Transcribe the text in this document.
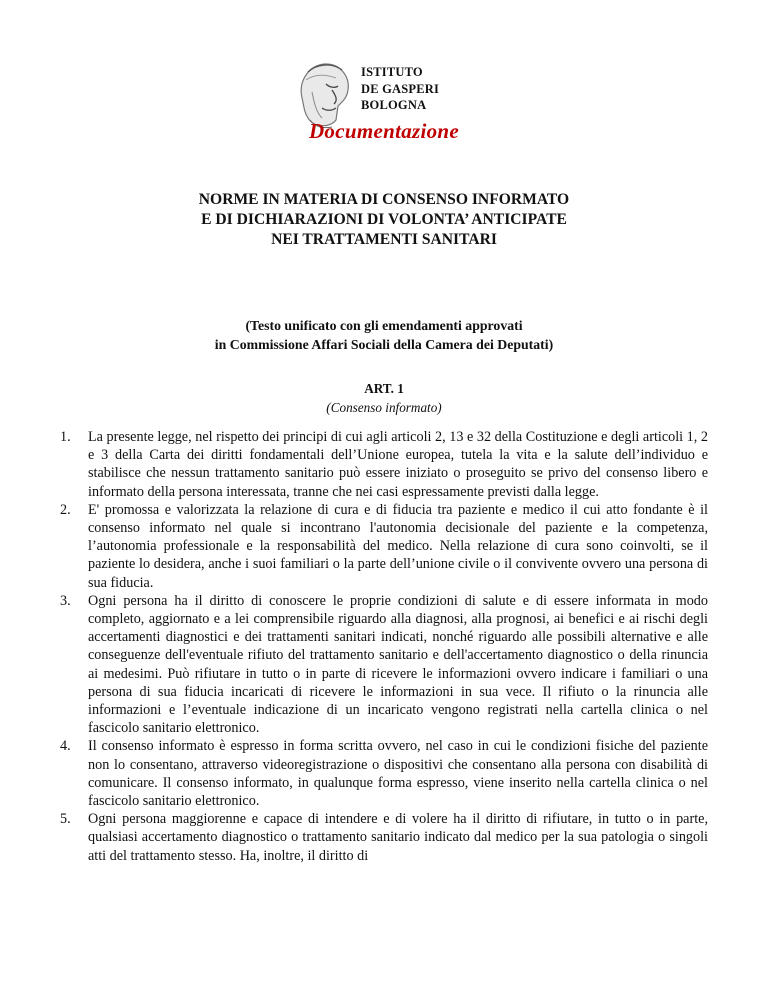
ISTITUTO
DE GASPERI
BOLOGNA
Documentazione
NORME IN MATERIA DI CONSENSO INFORMATO
E DI DICHIARAZIONI DI VOLONTA’ ANTICIPATE
NEI TRATTAMENTI SANITARI
(Testo unificato con gli emendamenti approvati
in Commissione Affari Sociali della Camera dei Deputati)
ART. 1
(Consenso informato)
1. La presente legge, nel rispetto dei principi di cui agli articoli 2, 13 e 32 della Costituzione e degli articoli 1, 2 e 3 della Carta dei diritti fondamentali dell’Unione europea, tutela la vita e la salute dell’individuo e stabilisce che nessun trattamento sanitario può essere iniziato o proseguito se privo del consenso libero e informato della persona interessata, tranne che nei casi espressamente previsti dalla legge.
2. E' promossa e valorizzata la relazione di cura e di fiducia tra paziente e medico il cui atto fondante è il consenso informato nel quale si incontrano l'autonomia decisionale del paziente e la competenza, l’autonomia professionale e la responsabilità del medico. Nella relazione di cura sono coinvolti, se il paziente lo desidera, anche i suoi familiari o la parte dell’unione civile o il convivente ovvero una persona di sua fiducia.
3. Ogni persona ha il diritto di conoscere le proprie condizioni di salute e di essere informata in modo completo, aggiornato e a lei comprensibile riguardo alla diagnosi, alla prognosi, ai benefici e ai rischi degli accertamenti diagnostici e dei trattamenti sanitari indicati, nonché riguardo alle possibili alternative e alle conseguenze dell'eventuale rifiuto del trattamento sanitario e dell'accertamento diagnostico o della rinuncia ai medesimi. Può rifiutare in tutto o in parte di ricevere le informazioni ovvero indicare i familiari o una persona di sua fiducia incaricati di ricevere le informazioni in sua vece. Il rifiuto o la rinuncia alle informazioni e l’eventuale indicazione di un incaricato vengono registrati nella cartella clinica o nel fascicolo sanitario elettronico.
4. Il consenso informato è espresso in forma scritta ovvero, nel caso in cui le condizioni fisiche del paziente non lo consentano, attraverso videoregistrazione o dispositivi che consentano alla persona con disabilità di comunicare. Il consenso informato, in qualunque forma espresso, viene inserito nella cartella clinica o nel fascicolo sanitario elettronico.
5. Ogni persona maggiorenne e capace di intendere e di volere ha il diritto di rifiutare, in tutto o in parte, qualsiasi accertamento diagnostico o trattamento sanitario indicato dal medico per la sua patologia o singoli atti del trattamento stesso. Ha, inoltre, il diritto di
